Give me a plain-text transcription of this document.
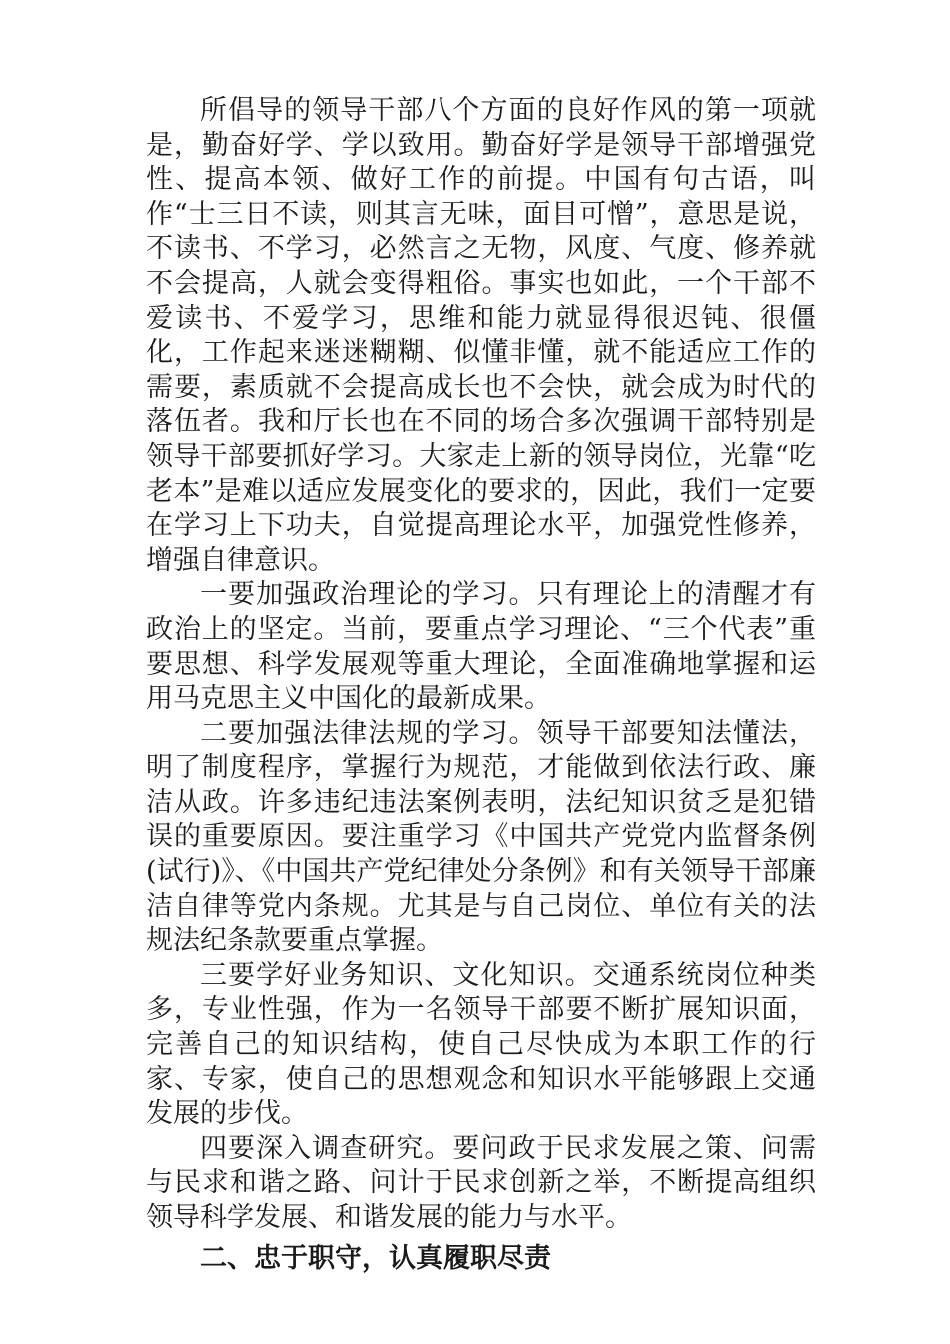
所倡导的领导干部八个方面的良好作风的第一项就是，勤奋好学、学以致用。勤奋好学是领导干部增强党性、提高本领、做好工作的前提。中国有句古语，叫作“士三日不读，则其言无味，面目可憎”，意思是说，不读书、不学习，必然言之无物，风度、气度、修养就不会提高，人就会变得粗俗。事实也如此，一个干部不爱读书、不爱学习，思维和能力就显得很迟钝、很僵化，工作起来迷迷糊糊、似懂非懂，就不能适应工作的需要，素质就不会提高成长也不会快，就会成为时代的落伍者。我和厅长也在不同的场合多次强调干部特别是领导干部要抓好学习。大家走上新的领导岗位，光靠“吃老本”是难以适应发展变化的要求的，因此，我们一定要在学习上下功夫，自觉提高理论水平，加强党性修养，增强自律意识。

一要加强政治理论的学习。只有理论上的清醒才有政治上的坚定。当前，要重点学习理论、“三个代表”重要思想、科学发展观等重大理论，全面准确地掌握和运用马克思主义中国化的最新成果。

二要加强法律法规的学习。领导干部要知法懂法，明了制度程序，掌握行为规范，才能做到依法行政、廉洁从政。许多违纪违法案例表明，法纪知识贫乏是犯错误的重要原因。要注重学习《中国共产党党内监督条例(试行)》、《中国共产党纪律处分条例》和有关领导干部廉洁自律等党内条规。尤其是与自己岗位、单位有关的法规法纪条款要重点掌握。

三要学好业务知识、文化知识。交通系统岗位种类多，专业性强，作为一名领导干部要不断扩展知识面，完善自己的知识结构，使自己尽快成为本职工作的行家、专家，使自己的思想观念和知识水平能够跟上交通发展的步伐。

四要深入调查研究。要问政于民求发展之策、问需与民求和谐之路、问计于民求创新之举，不断提高组织领导科学发展、和谐发展的能力与水平。

二、忠于职守，认真履职尽责
